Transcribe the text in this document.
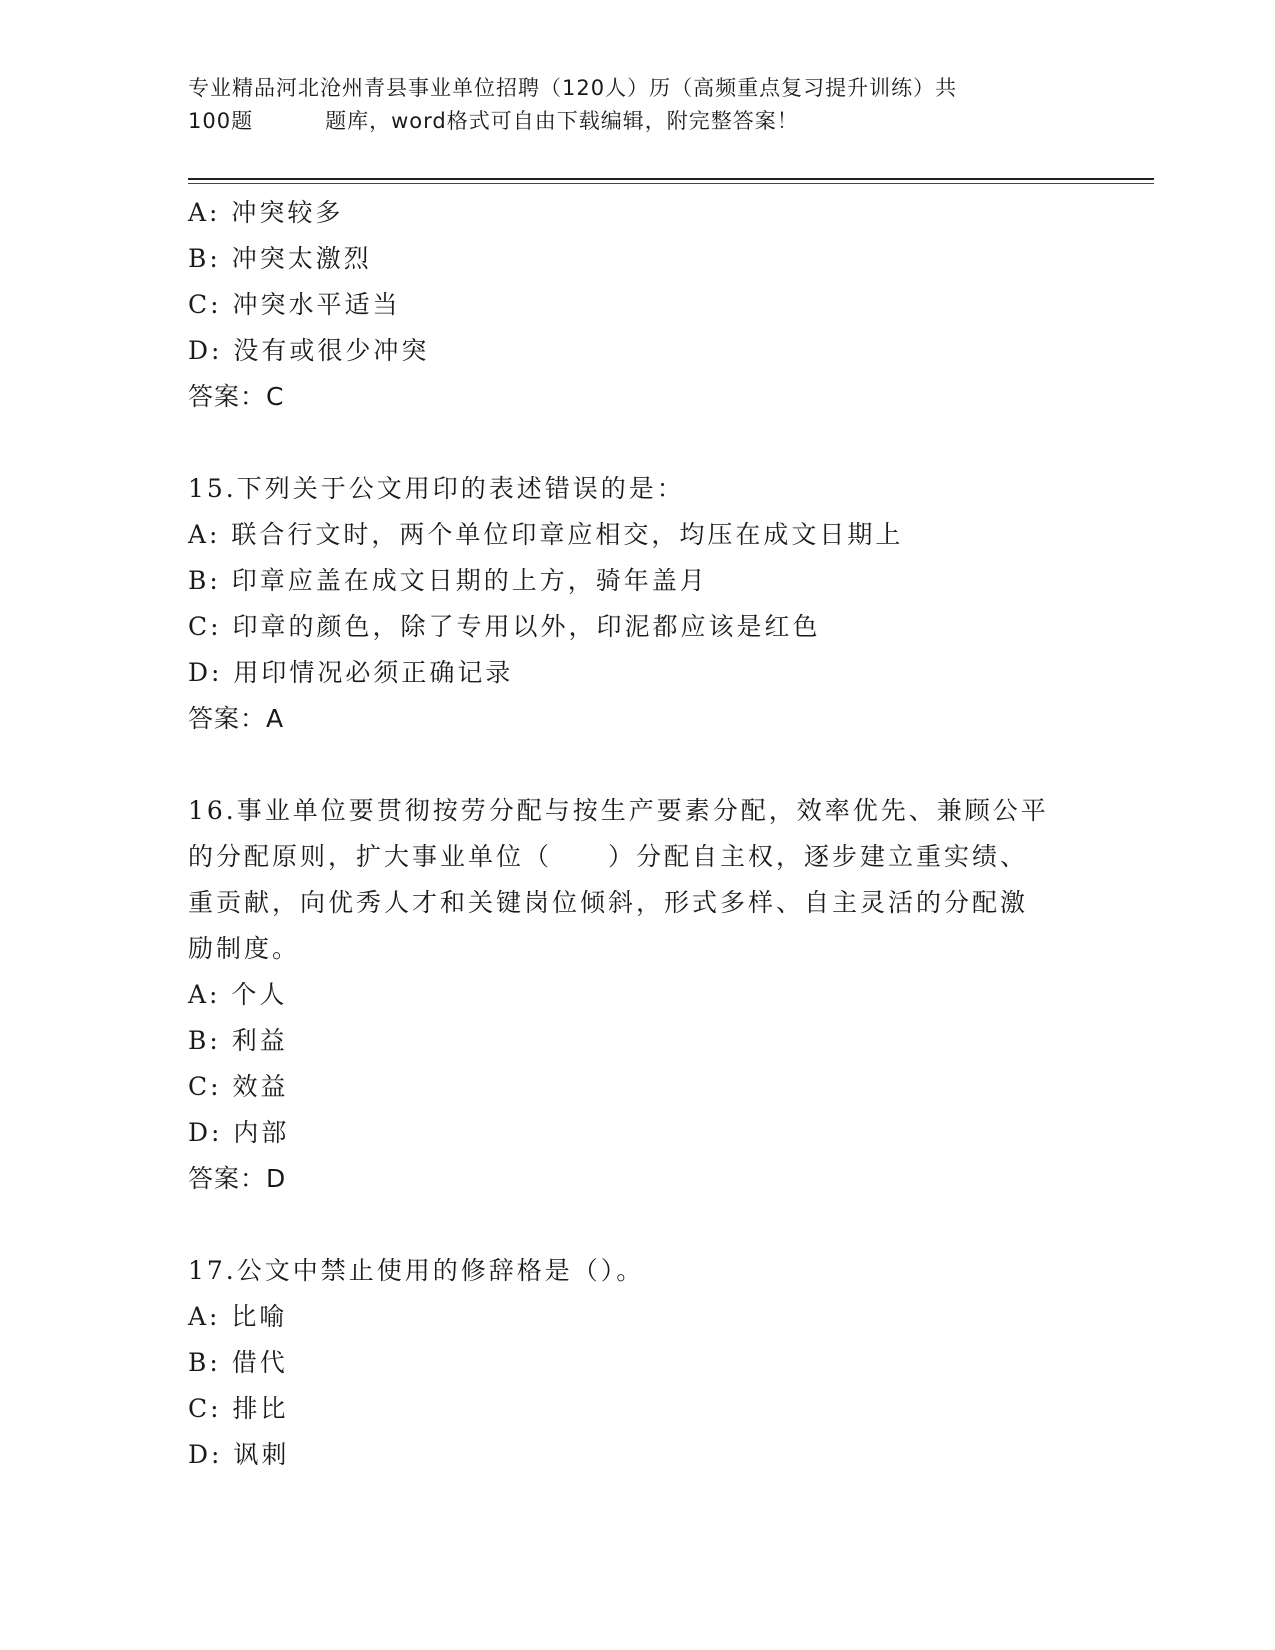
专业精品河北沧州青县事业单位招聘（120人）历（高频重点复习提升训练）共
100题	题库，word格式可自由下载编辑，附完整答案！
A: 冲突较多
B: 冲突太激烈
C: 冲突水平适当
D: 没有或很少冲突
答案：C
15.下列关于公文用印的表述错误的是：
A: 联合行文时，两个单位印章应相交，均压在成文日期上
B: 印章应盖在成文日期的上方，骑年盖月
C: 印章的颜色，除了专用以外，印泥都应该是红色
D: 用印情况必须正确记录
答案：A
16.事业单位要贯彻按劳分配与按生产要素分配，效率优先、兼顾公平
的分配原则，扩大事业单位（　　）分配自主权，逐步建立重实绩、
重贡献，向优秀人才和关键岗位倾斜，形式多样、自主灵活的分配激
励制度。
A: 个人
B: 利益
C: 效益
D: 内部
答案：D
17.公文中禁止使用的修辞格是（）。
A: 比喻
B: 借代
C: 排比
D: 讽刺
